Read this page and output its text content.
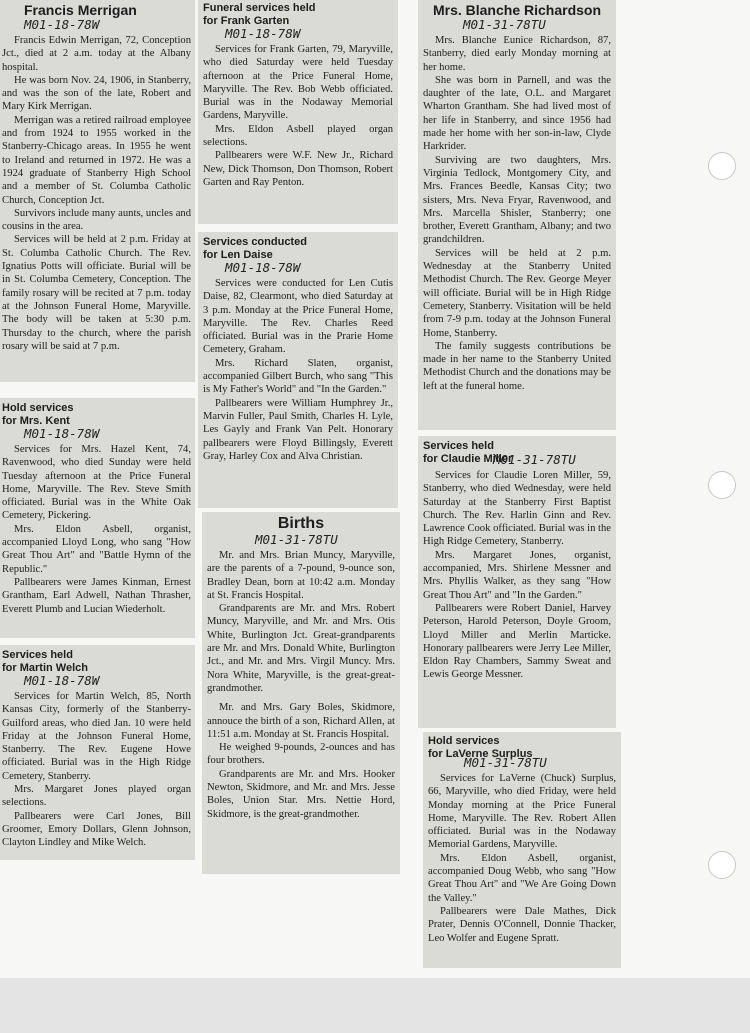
Francis Merrigan
M01-18-78W

Francis Edwin Merrigan, 72, Conception Jct., died at 2 a.m. today at the Albany hospital.

He was born Nov. 24, 1906, in Stanberry, and was the son of the late, Robert and Mary Kirk Merrigan.

Merrigan was a retired railroad employee and from 1924 to 1955 worked in the Stanberry-Chicago areas. In 1955 he went to Ireland and returned in 1972. He was a 1924 graduate of Stanberry High School and a member of St. Columba Catholic Church, Conception Jct.

Survivors include many aunts, uncles and cousins in the area.

Services will be held at 2 p.m. Friday at St. Columba Catholic Church. The Rev. Ignatius Potts will officiate. Burial will be in St. Columba Cemetery, Conception. The family rosary will be recited at 7 p.m. today at the Johnson Funeral Home, Maryville. The body will be taken at 5:30 p.m. Thursday to the church, where the parish rosary will be said at 7 p.m.

Hold services
for Mrs. Kent
M01-18-78W

Services for Mrs. Hazel Kent, 74, Ravenwood, who died Sunday were held Tuesday afternoon at the Price Funeral Home, Maryville. The Rev. Steve Smith officiated. Burial was in the White Oak Cemetery, Pickering.

Mrs. Eldon Asbell, organist, accompanied Lloyd Long, who sang "How Great Thou Art" and "Battle Hymn of the Republic."

Pallbearers were James Kinman, Ernest Grantham, Earl Adwell, Nathan Thrasher, Everett Plumb and Lucian Wiederholt.

Services held
for Martin Welch
M01-18-78W

Services for Martin Welch, 85, North Kansas City, formerly of the Stanberry-Guilford areas, who died Jan. 10 were held Friday at the Johnson Funeral Home, Stanberry. The Rev. Eugene Howe officiated. Burial was in the High Ridge Cemetery, Stanberry.

Mrs. Margaret Jones played organ selections.

Pallbearers were Carl Jones, Bill Groomer, Emory Dollars, Glenn Johnson, Clayton Lindley and Mike Welch.

Funeral services held
for Frank Garten
M01-18-78W

Services for Frank Garten, 79, Maryville, who died Saturday were held Tuesday afternoon at the Price Funeral Home, Maryville. The Rev. Bob Webb officiated. Burial was in the Nodaway Memorial Gardens, Maryville.

Mrs. Eldon Asbell played organ selections.

Pallbearers were W.F. New Jr., Richard New, Dick Thomson, Don Thomson, Robert Garten and Ray Penton.

Services conducted
for Len Daise
M01-18-78W

Services were conducted for Len Cutis Daise, 82, Clearmont, who died Saturday at 3 p.m. Monday at the Price Funeral Home, Maryville. The Rev. Charles Reed officiated. Burial was in the Prarie Home Cemetery, Graham.

Mrs. Richard Slaten, organist, accompanied Gilbert Burch, who sang "This is My Father's World" and "In the Garden."

Pallbearers were William Humphrey Jr., Marvin Fuller, Paul Smith, Charles H. Lyle, Les Gayly and Frank Van Pelt. Honorary pallbearers were Floyd Billingsly, Everett Gray, Harley Cox and Alva Christian.

Births
M01-31-78TU

Mr. and Mrs. Brian Muncy, Maryville, are the parents of a 7-pound, 9-ounce son, Bradley Dean, born at 10:42 a.m. Monday at St. Francis Hospital.

Grandparents are Mr. and Mrs. Robert Muncy, Maryville, and Mr. and Mrs. Otis White, Burlington Jct. Great-grandparents are Mr. and Mrs. Donald White, Burlington Jct., and Mr. and Mrs. Virgil Muncy. Mrs. Nora White, Maryville, is the great-great-grandmother.

Mr. and Mrs. Gary Boles, Skidmore, annouce the birth of a son, Richard Allen, at 11:51 a.m. Monday at St. Francis Hospital.

He weighed 9-pounds, 2-ounces and has four brothers.

Grandparents are Mr. and Mrs. Hooker Newton, Skidmore, and Mr. and Mrs. Jesse Boles, Union Star. Mrs. Nettie Hord, Skidmore, is the great-grandmother.

Mrs. Blanche Richardson
M01-31-78TU

Mrs. Blanche Eunice Richardson, 87, Stanberry, died early Monday morning at her home.

She was born in Parnell, and was the daughter of the late, O.L. and Margaret Wharton Grantham. She had lived most of her life in Stanberry, and since 1956 had made her home with her son-in-law, Clyde Harkrider.

Surviving are two daughters, Mrs. Virginia Tedlock, Montgomery City, and Mrs. Frances Beedle, Kansas City; two sisters, Mrs. Neva Fryar, Ravenwood, and Mrs. Marcella Shisler, Stanberry; one brother, Everett Grantham, Albany; and two grandchildren.

Services will be held at 2 p.m. Wednesday at the Stanberry United Methodist Church. The Rev. George Meyer will officiate. Burial will be in High Ridge Cemetery, Stanberry. Visitation will be held from 7-9 p.m. today at the Johnson Funeral Home, Stanberry.

The family suggests contributions be made in her name to the Stanberry United Methodist Church and the donations may be left at the funeral home.

Services held
for Claudie Miller
M01-31-78TU

Services for Claudie Loren Miller, 59, Stanberry, who died Wednesday, were held Saturday at the Stanberry First Baptist Church. The Rev. Harlin Ginn and Rev. Lawrence Cook officiated. Burial was in the High Ridge Cemetery, Stanberry.

Mrs. Margaret Jones, organist, accompanied, Mrs. Shirlene Messner and Mrs. Phyllis Walker, as they sang "How Great Thou Art" and "In the Garden."

Pallbearers were Robert Daniel, Harvey Peterson, Harold Peterson, Doyle Groom, Lloyd Miller and Merlin Marticke. Honorary pallbearers were Jerry Lee Miller, Eldon Ray Chambers, Sammy Sweat and Lewis George Messner.

Hold services
for LaVerne Surplus
M01-31-78TU

Services for LaVerne (Chuck) Surplus, 66, Maryville, who died Friday, were held Monday morning at the Price Funeral Home, Maryville. The Rev. Robert Allen officiated. Burial was in the Nodaway Memorial Gardens, Maryville.

Mrs. Eldon Asbell, organist, accompanied Doug Webb, who sang "How Great Thou Art" and "We Are Going Down the Valley."

Pallbearers were Dale Mathes, Dick Prater, Dennis O'Connell, Donnie Thacker, Leo Wolfer and Eugene Spratt.
